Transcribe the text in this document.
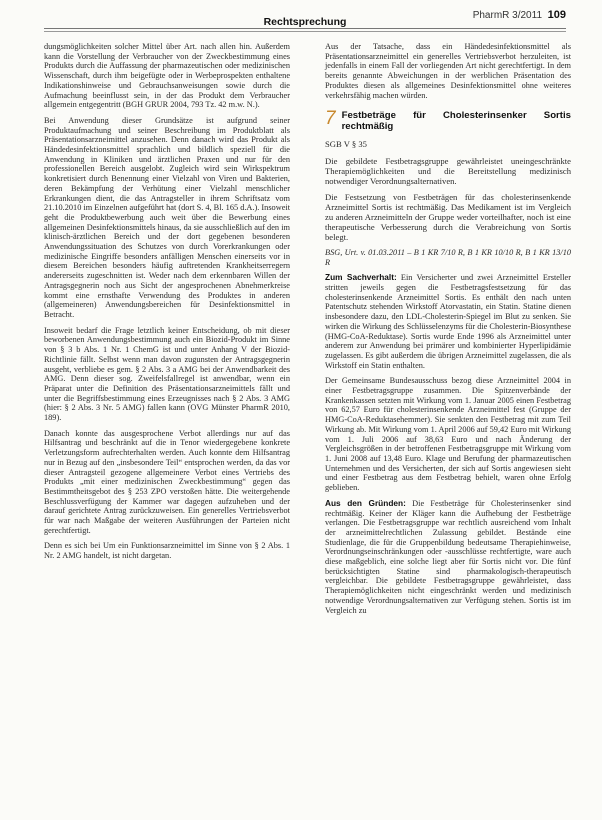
Rechtsprechung
PharmR 3/2011 109

dungsmöglichkeiten solcher Mittel über Art. nach allen hin. Außerdem kann die Vorstellung der Verbraucher von der Zweckbestimmung eines Produkts durch die Auffassung der pharmazeutischen oder medizinischen Wissenschaft, durch ihm beigefügte oder in Werbeprospekten enthaltene Indikationshinweise und Gebrauchsanweisungen sowie durch die Aufmachung beeinflusst sein, in der das Produkt dem Verbraucher allgemein entgegentritt (BGH GRUR 2004, 793 Tz. 42 m.w. N.).

Bei Anwendung dieser Grundsätze ist aufgrund seiner Produktaufmachung und seiner Beschreibung im Produktblatt als Präsentationsarzneimittel anzusehen. Denn danach wird das Produkt als Händedesinfektionsmittel sprachlich und bildlich speziell für die Anwendung in Kliniken und ärztlichen Praxen und nur für den professionellen Bereich ausgelobt. Zugleich wird sein Wirkspektrum konkretisiert durch Benennung einer Vielzahl von Viren und Bakterien, deren Bekämpfung der Verhütung einer Vielzahl menschlicher Erkrankungen dient, die das Antragsteller in ihrem Schriftsatz vom 21.10.2010 im Einzelnen aufgeführt hat (dort S. 4, Bl. 165 d.A.). Insoweit geht die Produktbewerbung auch weit über die Bewerbung eines allgemeinen Desinfektionsmittels hinaus, da sie ausschließlich auf den im klinisch-ärztlichen Bereich und der dort gegebenen besonderen Anwendungssituation des Schutzes von durch Vorerkrankungen oder medizinische Eingriffe besonders anfälligen Menschen einerseits vor in diesem Bereichen besonders häufig auftretenden Krankheitserregern andererseits zugeschnitten ist. Weder nach dem erkennbaren Willen der Antragsgegnerin noch aus Sicht der angesprochenen Abnehmerkreise kommt eine ernsthafte Verwendung des Produktes in anderen (allgemeineren) Anwendungsbereichen für Desinfektionsmittel in Betracht.

Insoweit bedarf die Frage letztlich keiner Entscheidung, ob mit dieser beworbenen Anwendungsbestimmung auch ein Biozid-Produkt im Sinne von § 3 b Abs. 1 Nr. 1 ChemG ist und unter Anhang V der Biozid-Richtlinie fällt. Selbst wenn man davon zugunsten der Antragsgegnerin ausgeht, verbliebe es gem. § 2 Abs. 3 a AMG bei der Anwendbarkeit des AMG. Denn dieser sog. Zweifelsfallregel ist anwendbar, wenn ein Präparat unter die Definition des Präsentationsarzneimittels fällt und unter die Begriffsbestimmung eines Erzeugnisses nach § 2 Abs. 3 AMG (hier: § 2 Abs. 3 Nr. 5 AMG) fallen kann (OVG Münster PharmR 2010, 189).

Danach konnte das ausgesprochene Verbot allerdings nur auf das Hilfsantrag und beschränkt auf die in Tenor wiedergegebene konkrete Verletzungsform aufrechterhalten werden. Auch konnte dem Hilfsantrag nur in Bezug auf den „insbesondere Teil“ entsprochen werden, da das vor dieser Antragsteil gezogene allgemeinere Verbot eines Vertriebs des Produkts „mit einer medizinischen Zweckbestimmung“ gegen das Bestimmtheitsgebot des § 253 ZPO verstoßen hätte. Die weitergehende Beschlussverfügung der Kammer war dagegen aufzuheben und der darauf gerichtete Antrag zurückzuweisen. Ein generelles Vertriebsverbot für war nach Maßgabe der weiteren Ausführungen der Parteien nicht gerechtfertigt.

Denn es sich bei Um ein Funktionsarzneimittel im Sinne von § 2 Abs. 1 Nr. 2 AMG handelt, ist nicht dargetan.

Aus der Tatsache, dass ein Händedesinfektionsmittel als Präsentationsarzneimittel ein generelles Vertriebsverbot herzuleiten, ist jedenfalls in einem Fall der vorliegenden Art nicht gerechtfertigt. In dem bereits genannte Abweichungen in der werblichen Präsentation des Produktes diesen als allgemeines Desinfektionsmittel ohne weiteres verkehrsfähig machen würden.

7 Festbeträge für Cholesterinsenker Sortis rechtmäßig

SGB V § 35

Die gebildete Festbetragsgruppe gewährleistet uneingeschränkte Therapiemöglichkeiten und die Bereitstellung medizinisch notwendiger Verordnungsalternativen.

Die Festsetzung von Festbeträgen für das cholesterinsenkende Arzneimittel Sortis ist rechtmäßig. Das Medikament ist im Vergleich zu anderen Arzneimitteln der Gruppe weder vorteilhafter, noch ist eine therapeutische Verbesserung durch die Verabreichung von Sortis belegt.

BSG, Urt. v. 01.03.2011 – B 1 KR 7/10 R, B 1 KR 10/10 R, B 1 KR 13/10 R

Zum Sachverhalt: Ein Versicherter und zwei Arzneimittel Ersteller stritten jeweils gegen die Festbetragsfestsetzung für das cholesterinsenkende Arzneimittel Sortis. Es enthält den nach unten Patentschutz stehenden Wirkstoff Atorvastatin, ein Statin. Statine dienen insbesondere dazu, den LDL-Cholesterin-Spiegel im Blut zu senken. Sie wirken die Wirkung des Schlüsselenzyms für die Cholesterin-Biosynthese (HMG-CoA-Reduktase). Sortis wurde Ende 1996 als Arzneimittel unter anderem zur Anwendung bei primärer und kombinierter Hyperlipidämie zugelassen. Es gibt außerdem die übrigen Arzneimittel zugelassen, die als Wirkstoff ein Statin enthalten.

Der Gemeinsame Bundesausschuss bezog diese Arzneimittel 2004 in einer Festbetragsgruppe zusammen. Die Spitzenverbände der Krankenkassen setzten mit Wirkung vom 1. Januar 2005 einen Festbetrag von 62,57 Euro für cholesterinsenkende Arzneimittel fest (Gruppe der HMG-CoA-Reduktasehemmer). Sie senkten den Festbetrag mit zum Teil Wirkung ab. Mit Wirkung vom 1. April 2006 auf 59,42 Euro mit Wirkung vom 1. Juli 2006 auf 38,63 Euro und nach Änderung der Vergleichsgrößen in der betroffenen Festbetragsgruppe mit Wirkung vom 1. Juni 2008 auf 13,48 Euro. Klage und Berufung der pharmazeutischen Unternehmen und des Versicherten, der sich auf Sortis angewiesen sieht und einer Festbetrag aus dem Festbetrag behielt, waren ohne Erfolg geblieben.

Aus den Gründen: Die Festbeträge für Cholesterinsenker sind rechtmäßig. Keiner der Kläger kann die Aufhebung der Festbeträge verlangen. Die Festbetragsgruppe war rechtlich ausreichend vom Inhalt der arzneimittelrechtlichen Zulassung gebildet. Bestände eine Studienlage, die für die Gruppenbildung bedeutsame Therapiehinweise, Verordnungseinschränkungen oder -ausschlüsse rechtfertigte, ware auch diese maßgeblich, eine solche liegt aber für Sortis nicht vor. Die fünf berücksichtigten Statine sind pharmakologisch-therapeutisch vergleichbar. Die gebildete Festbetragsgruppe gewährleistet, dass Therapiemöglichkeiten nicht eingeschränkt werden und medizinisch notwendige Verordnungsalternativen zur Verfügung stehen. Sortis ist im Vergleich zu
